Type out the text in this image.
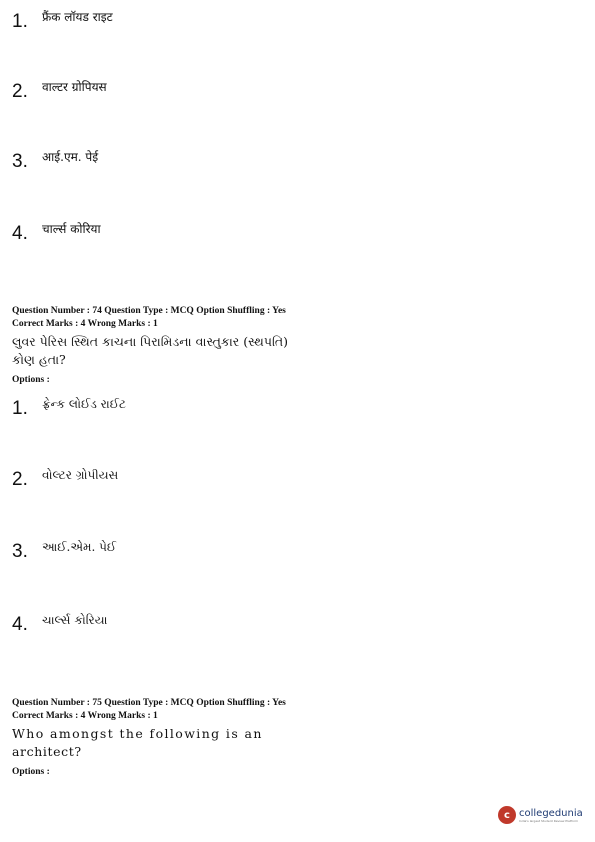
1.	फ्रैंक लॉयड राइट
2.	वाल्टर ग्रोपियस
3.	आई.एम. पेई
4.	चार्ल्स कोरिया
Question Number : 74 Question Type : MCQ Option Shuffling : Yes
Correct Marks : 4 Wrong Marks : 1
લુવર પેરિસ સ્થિત કાચના પિરામિડના વાસ્તુકાર (સ્થપતિ)
કોણ હતા?
Options :
1.	ફ્રેન્ક લોઈડ રાઈટ
2.	વોલ્ટર ગ્રોપીયસ
3.	આઈ.એમ. પેઈ
4.	ચાર્લ્સ કોરિયા
Question Number : 75 Question Type : MCQ Option Shuffling : Yes
Correct Marks : 4 Wrong Marks : 1
Who amongst the following is an
architect?
Options :
c collegedunia
India's largest Student Review Platform
